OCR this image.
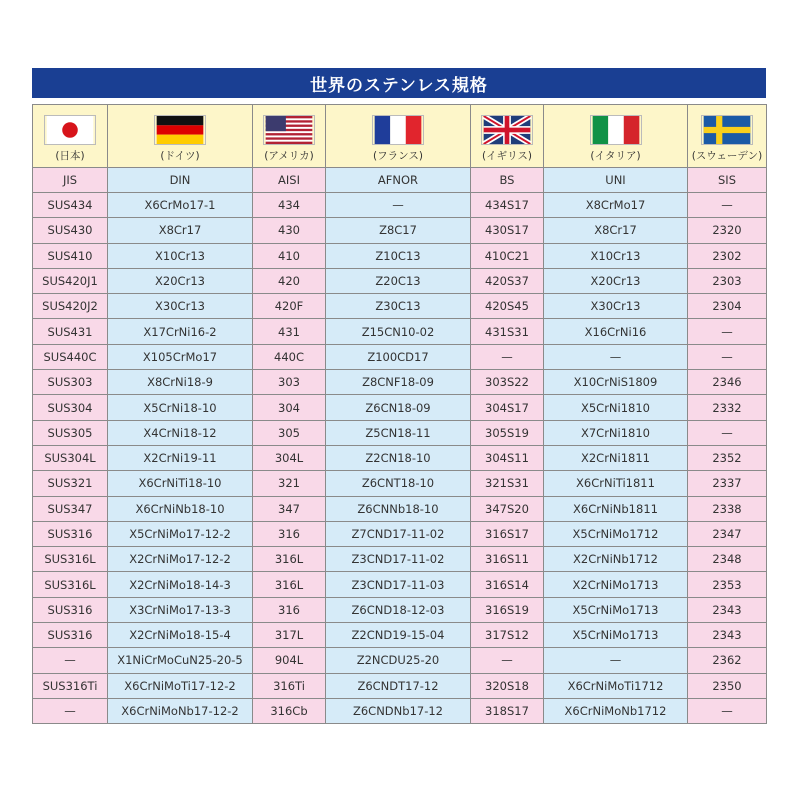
世界のステンレス規格
(日本)	(ドイツ)	(アメリカ)	(フランス)	(イギリス)	(イタリア)	(スウェーデン)

JIS	DIN	AISI	AFNOR	BS	UNI	SIS
SUS434	X6CrMo17-1	434	—	434S17	X8CrMo17	—
SUS430	X8Cr17	430	Z8C17	430S17	X8Cr17	2320
SUS410	X10Cr13	410	Z10C13	410C21	X10Cr13	2302
SUS420J1	X20Cr13	420	Z20C13	420S37	X20Cr13	2303
SUS420J2	X30Cr13	420F	Z30C13	420S45	X30Cr13	2304
SUS431	X17CrNi16-2	431	Z15CN10-02	431S31	X16CrNi16	—
SUS440C	X105CrMo17	440C	Z100CD17	—	—	—
SUS303	X8CrNi18-9	303	Z8CNF18-09	303S22	X10CrNiS1809	2346
SUS304	X5CrNi18-10	304	Z6CN18-09	304S17	X5CrNi1810	2332
SUS305	X4CrNi18-12	305	Z5CN18-11	305S19	X7CrNi1810	—
SUS304L	X2CrNi19-11	304L	Z2CN18-10	304S11	X2CrNi1811	2352
SUS321	X6CrNiTi18-10	321	Z6CNT18-10	321S31	X6CrNiTi1811	2337
SUS347	X6CrNiNb18-10	347	Z6CNNb18-10	347S20	X6CrNiNb1811	2338
SUS316	X5CrNiMo17-12-2	316	Z7CND17-11-02	316S17	X5CrNiMo1712	2347
SUS316L	X2CrNiMo17-12-2	316L	Z3CND17-11-02	316S11	X2CrNiNb1712	2348
SUS316L	X2CrNiMo18-14-3	316L	Z3CND17-11-03	316S14	X2CrNiMo1713	2353
SUS316	X3CrNiMo17-13-3	316	Z6CND18-12-03	316S19	X5CrNiMo1713	2343
SUS316	X2CrNiMo18-15-4	317L	Z2CND19-15-04	317S12	X5CrNiMo1713	2343
—	X1NiCrMoCuN25-20-5	904L	Z2NCDU25-20	—	—	2362
SUS316Ti	X6CrNiMoTi17-12-2	316Ti	Z6CNDT17-12	320S18	X6CrNiMoTi1712	2350
—	X6CrNiMoNb17-12-2	316Cb	Z6CNDNb17-12	318S17	X6CrNiMoNb1712	—
